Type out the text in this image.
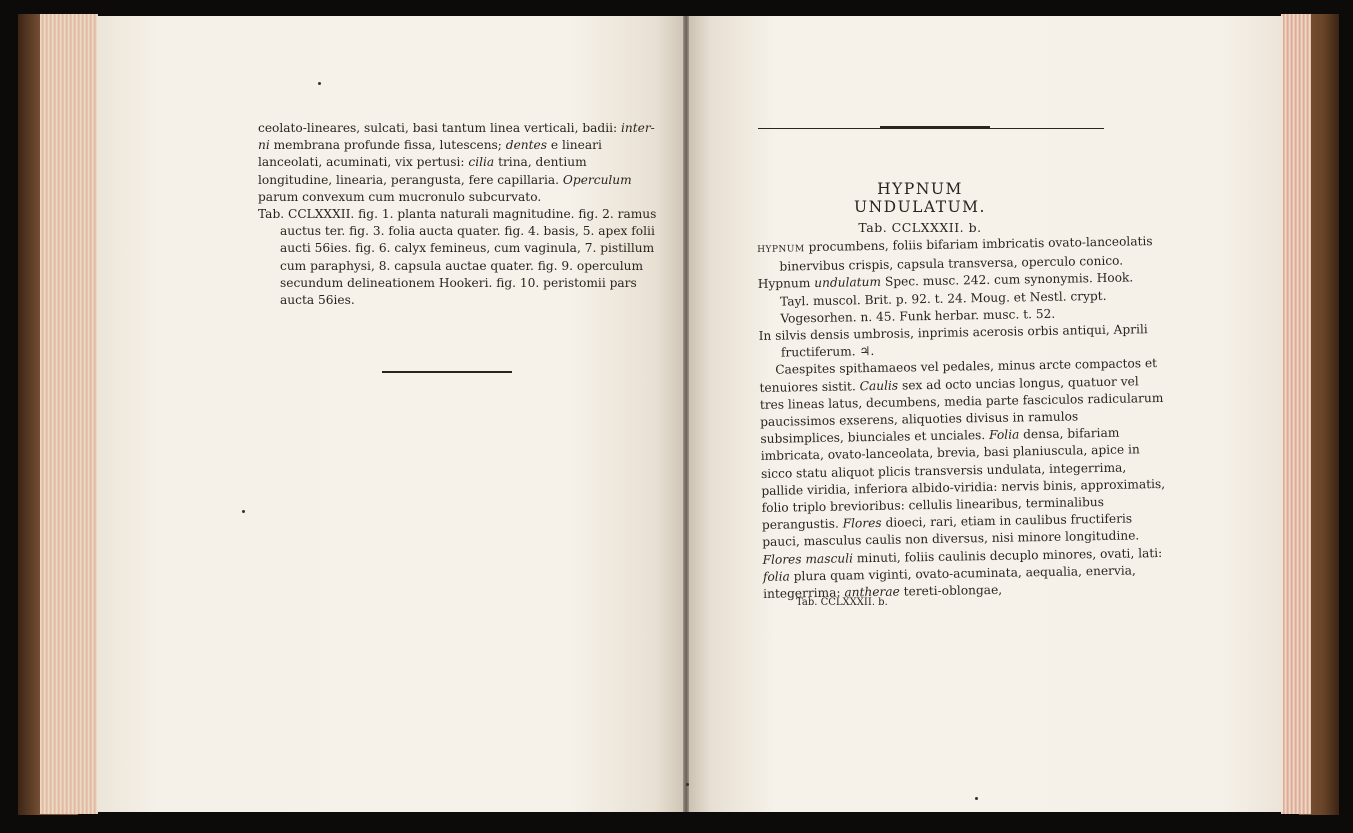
ceolato-lineares, sulcati, basi tantum linea verticali, badii: inter-ni membrana profunde fissa, lutescens; dentes e lineari lanceolati, acuminati, vix pertusi: cilia trina, dentium longitudine, linearia, perangusta, fere capillaria. Operculum parum convexum cum mucronulo subcurvato.

Tab. CCLXXXII. fig. 1. planta naturali magnitudine. fig. 2. ramus auctus ter. fig. 3. folia aucta quater. fig. 4. basis, 5. apex folii aucti 56ies. fig. 6. calyx femineus, cum vaginula, 7. pistillum cum paraphysi, 8. capsula auctae quater. fig. 9. operculum secundum delineationem Hookeri. fig. 10. peristomii pars aucta 56ies.

HYPNUM UNDULATUM.
Tab. CCLXXXII. b.

HYPNUM procumbens, foliis bifariam imbricatis ovato-lanceolatis binervibus crispis, capsula transversa, operculo conico.

Hypnum undulatum Spec. musc. 242. cum synonymis. Hook. Tayl. muscol. Brit. p. 92. t. 24. Moug. et Nestl. crypt. Vogesorhen. n. 45. Funk herbar. musc. t. 52.

In silvis densis umbrosis, inprimis acerosis orbis antiqui, Aprili fructiferum. ♃.

Caespites spithamaeos vel pedales, minus arcte compactos et tenuiores sistit. Caulis sex ad octo uncias longus, quatuor vel tres lineas latus, decumbens, media parte fasciculos radicularum paucissimos exserens, aliquoties divisus in ramulos subsimplices, biunciales et unciales. Folia densa, bifariam imbricata, ovato-lanceolata, brevia, basi planiuscula, apice in sicco statu aliquot plicis transversis undulata, integerrima, pallide viridia, inferiora albido-viridia: nervis binis, approximatis, folio triplo brevioribus: cellulis linearibus, terminalibus perangustis. Flores dioeci, rari, etiam in caulibus fructiferis pauci, masculus caulis non diversus, nisi minore longitudine. Flores masculi minuti, foliis caulinis decuplo minores, ovati, lati: folia plura quam viginti, ovato-acuminata, aequalia, enervia, integerrima: antherae tereti-oblongae,

Tab. CCLXXXII. b.
